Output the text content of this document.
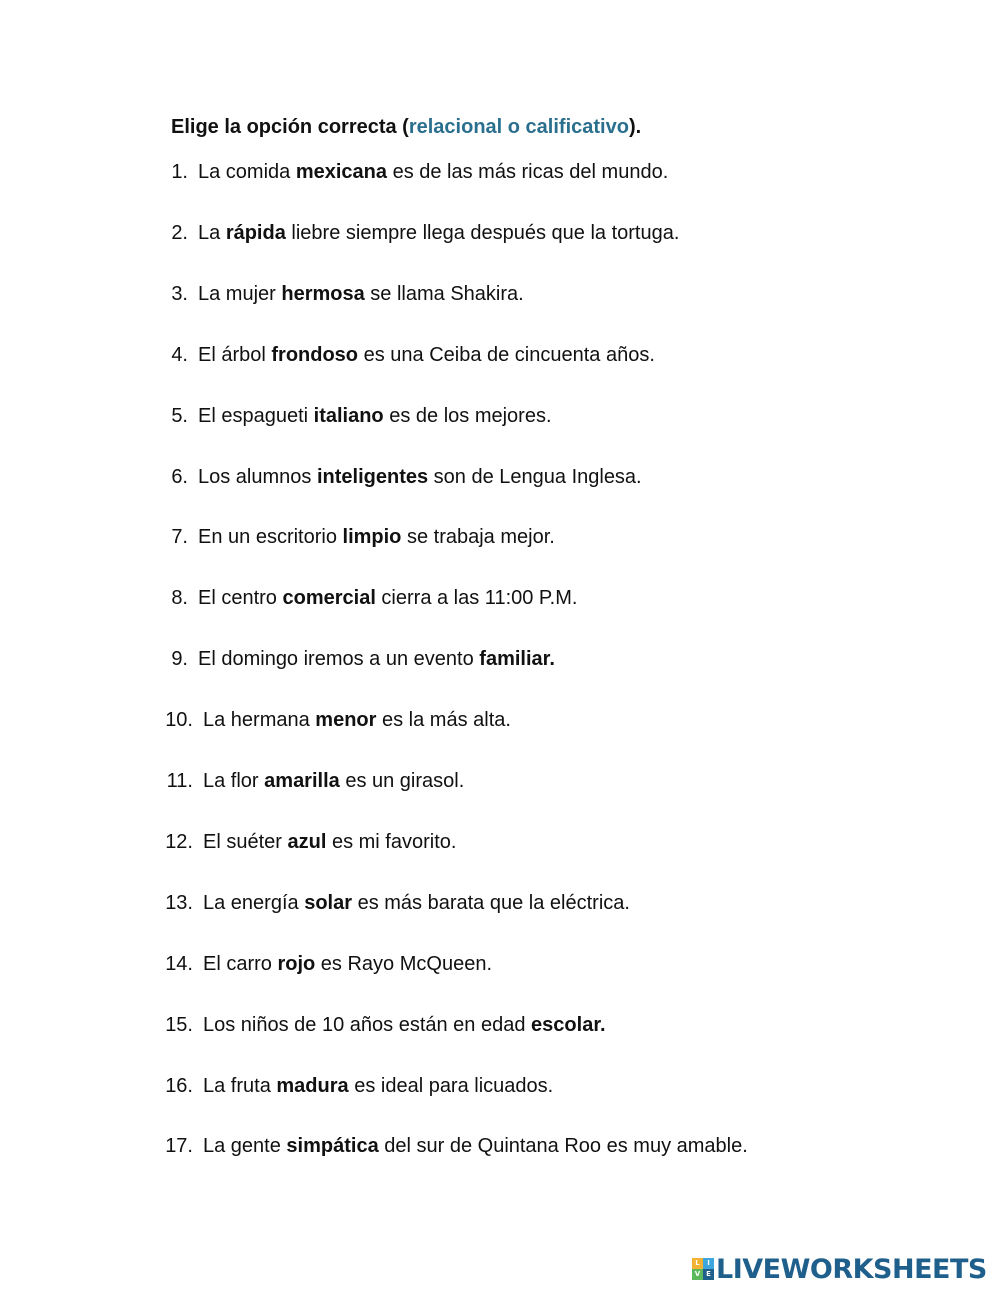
Elige la opción correcta (relacional o calificativo).
1. La comida mexicana es de las más ricas del mundo.
2. La rápida liebre siempre llega después que la tortuga.
3. La mujer hermosa se llama Shakira.
4. El árbol frondoso es una Ceiba de cincuenta años.
5. El espagueti italiano es de los mejores.
6. Los alumnos inteligentes son de Lengua Inglesa.
7. En un escritorio limpio se trabaja mejor.
8. El centro comercial cierra a las 11:00 P.M.
9. El domingo iremos a un evento familiar.
10. La hermana menor es la más alta.
11. La flor amarilla es un girasol.
12. El suéter azul es mi favorito.
13. La energía solar es más barata que la eléctrica.
14. El carro rojo es Rayo McQueen.
15. Los niños de 10 años están en edad escolar.
16. La fruta madura es ideal para licuados.
17. La gente simpática del sur de Quintana Roo es muy amable.
L	I
V E LIVEWORKSHEETS
